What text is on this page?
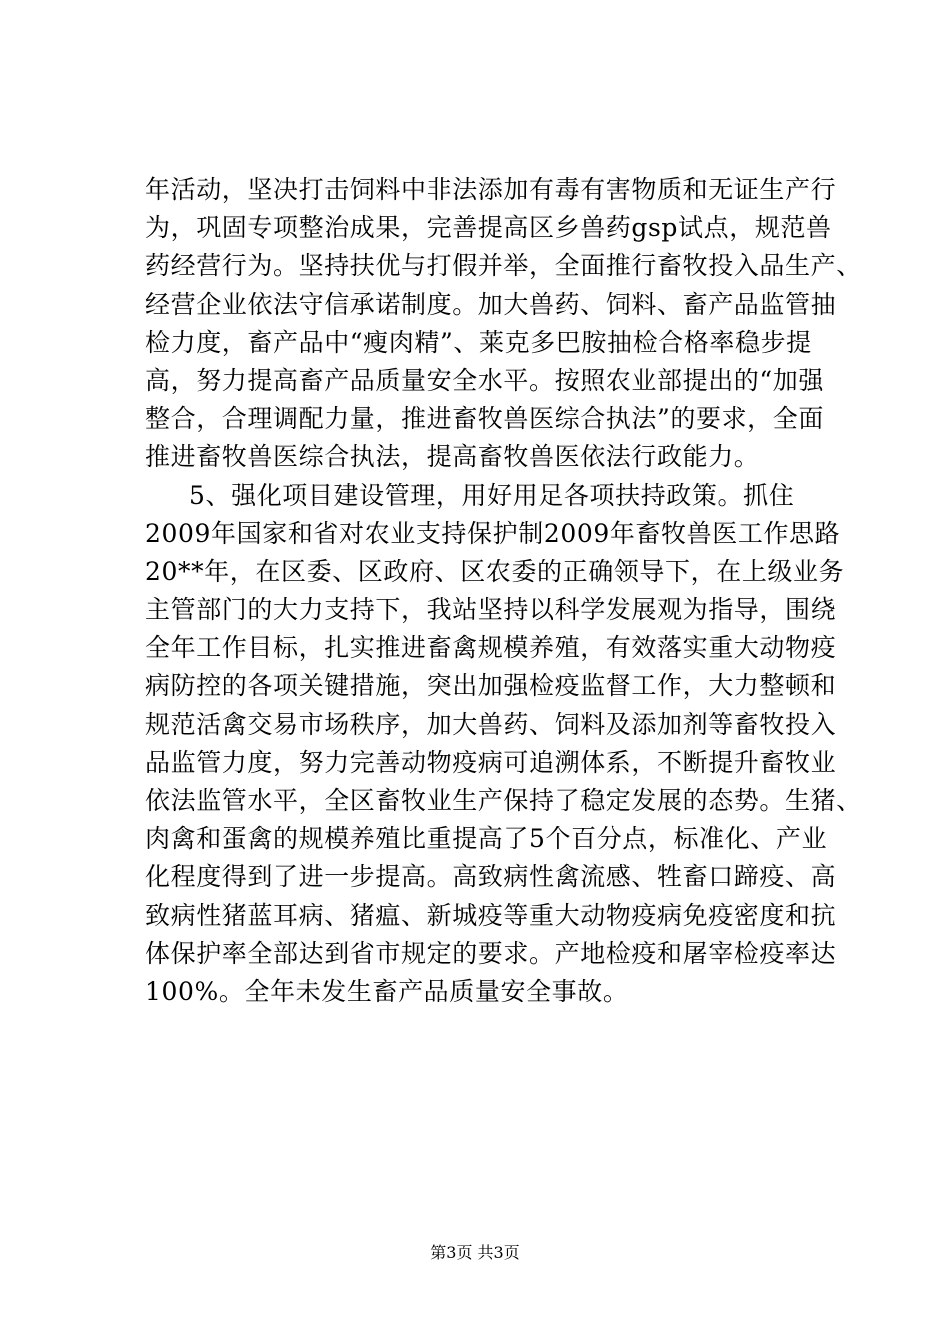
年活动，坚决打击饲料中非法添加有毒有害物质和无证生产行
为，巩固专项整治成果，完善提高区乡兽药gsp试点，规范兽
药经营行为。坚持扶优与打假并举，全面推行畜牧投入品生产、
经营企业依法守信承诺制度。加大兽药、饲料、畜产品监管抽
检力度，畜产品中“瘦肉精”、莱克多巴胺抽检合格率稳步提
高，努力提高畜产品质量安全水平。按照农业部提出的“加强
整合，合理调配力量，推进畜牧兽医综合执法”的要求，全面
推进畜牧兽医综合执法，提高畜牧兽医依法行政能力。
5、强化项目建设管理，用好用足各项扶持政策。抓住
2009年国家和省对农业支持保护制2009年畜牧兽医工作思路
20**年，在区委、区政府、区农委的正确领导下，在上级业务
主管部门的大力支持下，我站坚持以科学发展观为指导，围绕
全年工作目标，扎实推进畜禽规模养殖，有效落实重大动物疫
病防控的各项关键措施，突出加强检疫监督工作，大力整顿和
规范活禽交易市场秩序，加大兽药、饲料及添加剂等畜牧投入
品监管力度，努力完善动物疫病可追溯体系，不断提升畜牧业
依法监管水平，全区畜牧业生产保持了稳定发展的态势。生猪、
肉禽和蛋禽的规模养殖比重提高了5个百分点，标准化、产业
化程度得到了进一步提高。高致病性禽流感、牲畜口蹄疫、高
致病性猪蓝耳病、猪瘟、新城疫等重大动物疫病免疫密度和抗
体保护率全部达到省市规定的要求。产地检疫和屠宰检疫率达
100%。全年未发生畜产品质量安全事故。
第3页 共3页
